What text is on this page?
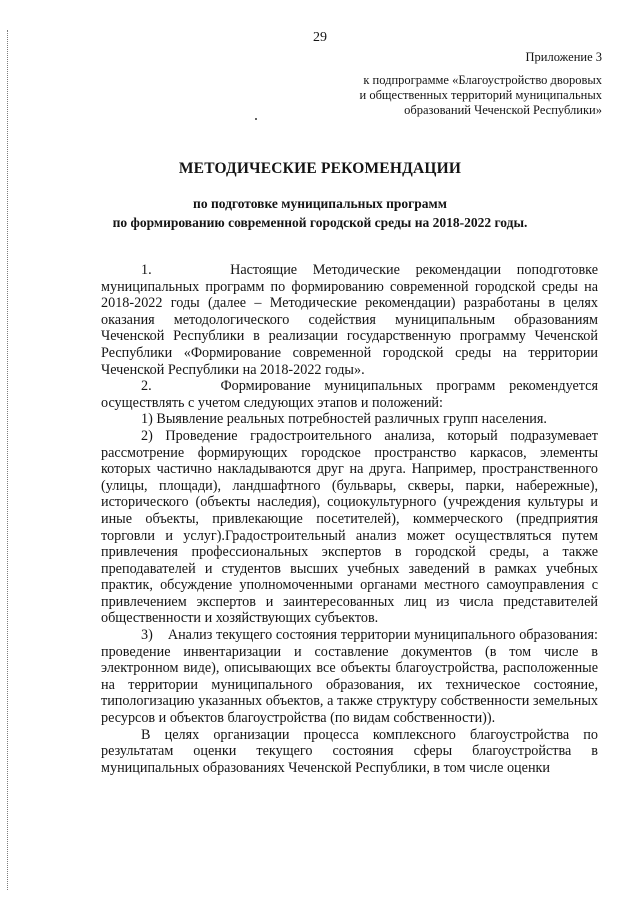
29
Приложение 3
к подпрограмме «Благоустройство дворовых
и общественных территорий муниципальных
образований Чеченской Республики»
МЕТОДИЧЕСКИЕ РЕКОМЕНДАЦИИ
по подготовке муниципальных программ
по формированию современной городской среды на 2018-2022 годы.

1.     Настоящие Методические рекомендации поподготовке муниципальных программ по формированию современной городской среды на 2018-2022 годы (далее – Методические рекомендации) разработаны в целях оказания методологического содействия муниципальным образованиям Чеченской Республики в реализации государственную программу Чеченской Республики «Формирование современной городской среды на территории Чеченской Республики на 2018-2022 годы».

2.     Формирование муниципальных программ рекомендуется осуществлять с учетом следующих этапов и положений:

1) Выявление реальных потребностей различных групп населения.

2) Проведение градостроительного анализа, который подразумевает рассмотрение формирующих городское пространство каркасов, элементы которых частично накладываются друг на друга. Например, пространственного (улицы, площади), ландшафтного (бульвары, скверы, парки, набережные), исторического (объекты наследия), социокультурного (учреждения культуры и иные объекты, привлекающие посетителей), коммерческого (предприятия торговли и услуг).Градостроительный анализ может осуществляться путем привлечения профессиональных экспертов в городской среды, а также преподавателей и студентов высших учебных заведений в рамках учебных практик, обсуждение уполномоченными органами местного самоуправления с привлечением экспертов и заинтересованных лиц из числа представителей общественности и хозяйствующих субъектов.

3)    Анализ текущего состояния территории муниципального образования: проведение инвентаризации и составление документов (в том числе в электронном виде), описывающих все объекты благоустройства, расположенные на территории муниципального образования, их техническое состояние, типологизацию указанных объектов, а также структуру собственности земельных ресурсов и объектов благоустройства (по видам собственности)).

В целях организации процесса комплексного благоустройства по результатам оценки текущего состояния сферы благоустройства в муниципальных образованиях Чеченской Республики, в том числе оценки
